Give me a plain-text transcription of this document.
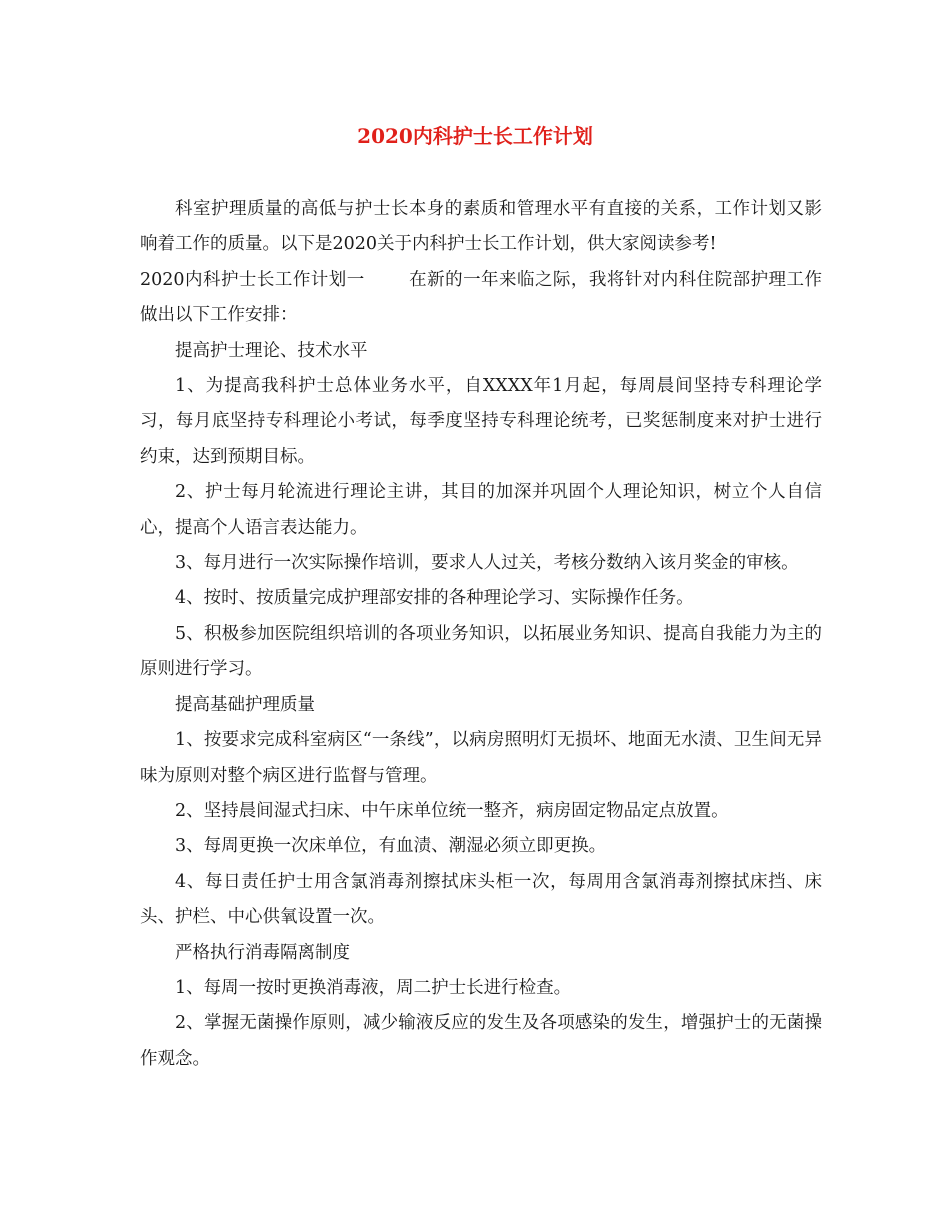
2020内科护士长工作计划

科室护理质量的高低与护士长本身的素质和管理水平有直接的关系，工作计划又影响着工作的质量。以下是2020关于内科护士长工作计划，供大家阅读参考!

2020内科护士长工作计划一	在新的一年来临之际，我将针对内科住院部护理工作做出以下工作安排：

提高护士理论、技术水平

1、为提高我科护士总体业务水平，自XXXX年1月起，每周晨间坚持专科理论学习，每月底坚持专科理论小考试，每季度坚持专科理论统考，已奖惩制度来对护士进行约束，达到预期目标。

2、护士每月轮流进行理论主讲，其目的加深并巩固个人理论知识，树立个人自信心，提高个人语言表达能力。

3、每月进行一次实际操作培训，要求人人过关，考核分数纳入该月奖金的审核。

4、按时、按质量完成护理部安排的各种理论学习、实际操作任务。

5、积极参加医院组织培训的各项业务知识，以拓展业务知识、提高自我能力为主的原则进行学习。

提高基础护理质量

1、按要求完成科室病区“一条线”，以病房照明灯无损坏、地面无水渍、卫生间无异味为原则对整个病区进行监督与管理。

2、坚持晨间湿式扫床、中午床单位统一整齐，病房固定物品定点放置。

3、每周更换一次床单位，有血渍、潮湿必须立即更换。

4、每日责任护士用含氯消毒剂擦拭床头柜一次，每周用含氯消毒剂擦拭床挡、床头、护栏、中心供氧设置一次。

严格执行消毒隔离制度

1、每周一按时更换消毒液，周二护士长进行检查。

2、掌握无菌操作原则，减少输液反应的发生及各项感染的发生，增强护士的无菌操作观念。
